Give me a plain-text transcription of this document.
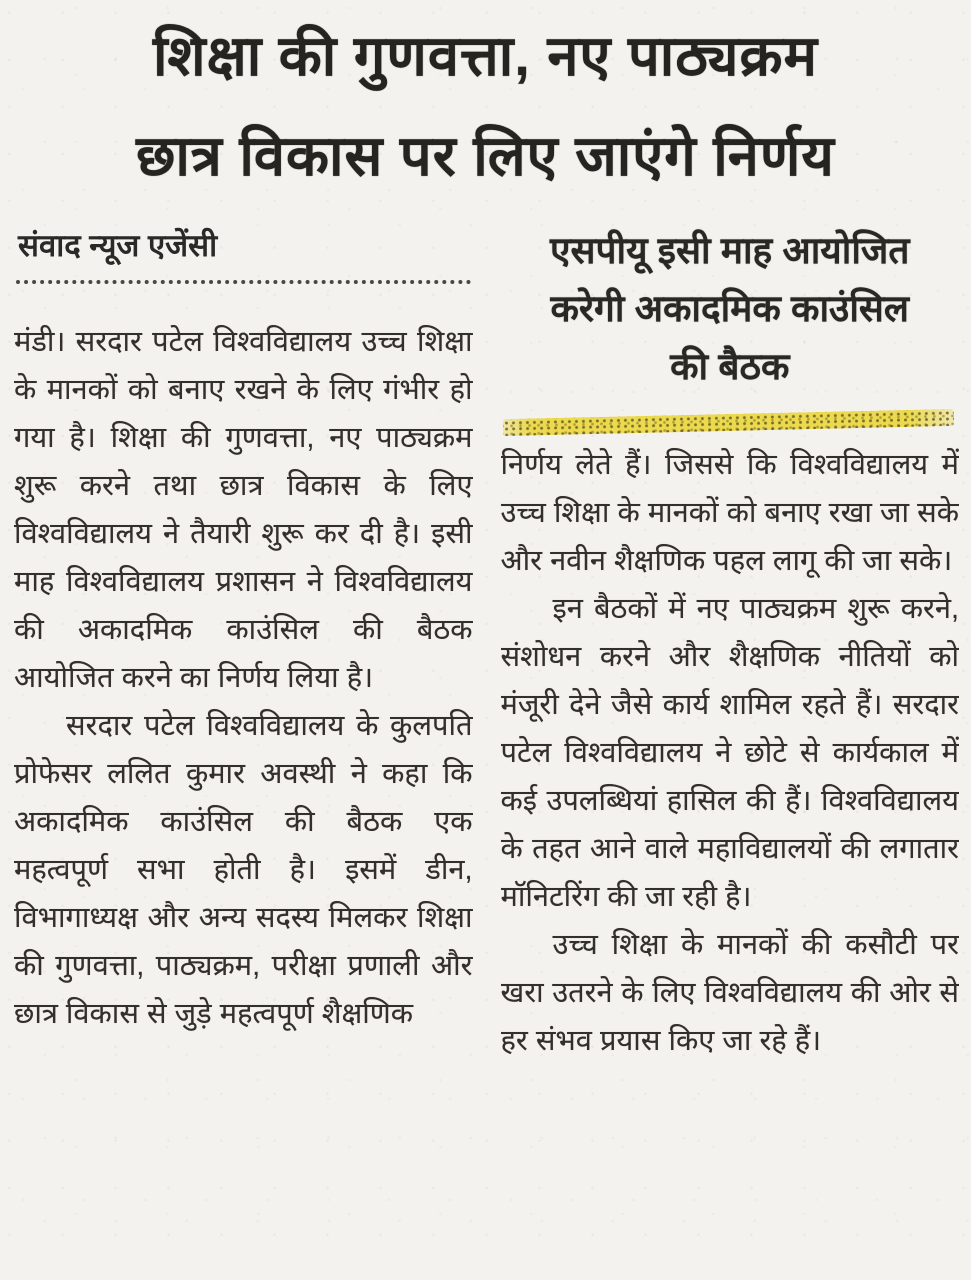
शिक्षा की गुणवत्ता, नए पाठ्यक्रम
छात्र विकास पर लिए जाएंगे निर्णय
संवाद न्यूज एजेंसी

मंडी। सरदार पटेल विश्वविद्यालय उच्च शिक्षा के मानकों को बनाए रखने के लिए गंभीर हो गया है। शिक्षा की गुणवत्ता, नए पाठ्यक्रम शुरू करने तथा छात्र विकास के लिए विश्वविद्यालय ने तैयारी शुरू कर दी है। इसी माह विश्वविद्यालय प्रशासन ने विश्वविद्यालय की अकादमिक काउंसिल की बैठक आयोजित करने का निर्णय लिया है।

सरदार पटेल विश्वविद्यालय के कुलपति प्रोफेसर ललित कुमार अवस्थी ने कहा कि अकादमिक काउंसिल की बैठक एक महत्वपूर्ण सभा होती है। इसमें डीन, विभागाध्यक्ष और अन्य सदस्य मिलकर शिक्षा की गुणवत्ता, पाठ्यक्रम, परीक्षा प्रणाली और छात्र विकास से जुड़े महत्वपूर्ण शैक्षणिक

एसपीयू इसी माह आयोजित
करेगी अकादमिक काउंसिल
की बैठक

निर्णय लेते हैं। जिससे कि विश्वविद्यालय में उच्च शिक्षा के मानकों को बनाए रखा जा सके और नवीन शैक्षणिक पहल लागू की जा सके।

इन बैठकों में नए पाठ्यक्रम शुरू करने, संशोधन करने और शैक्षणिक नीतियों को मंजूरी देने जैसे कार्य शामिल रहते हैं। सरदार पटेल विश्वविद्यालय ने छोटे से कार्यकाल में कई उपलब्धियां हासिल की हैं। विश्वविद्यालय के तहत आने वाले महाविद्यालयों की लगातार मॉनिटरिंग की जा रही है।

उच्च शिक्षा के मानकों की कसौटी पर खरा उतरने के लिए विश्वविद्यालय की ओर से हर संभव प्रयास किए जा रहे हैं।
